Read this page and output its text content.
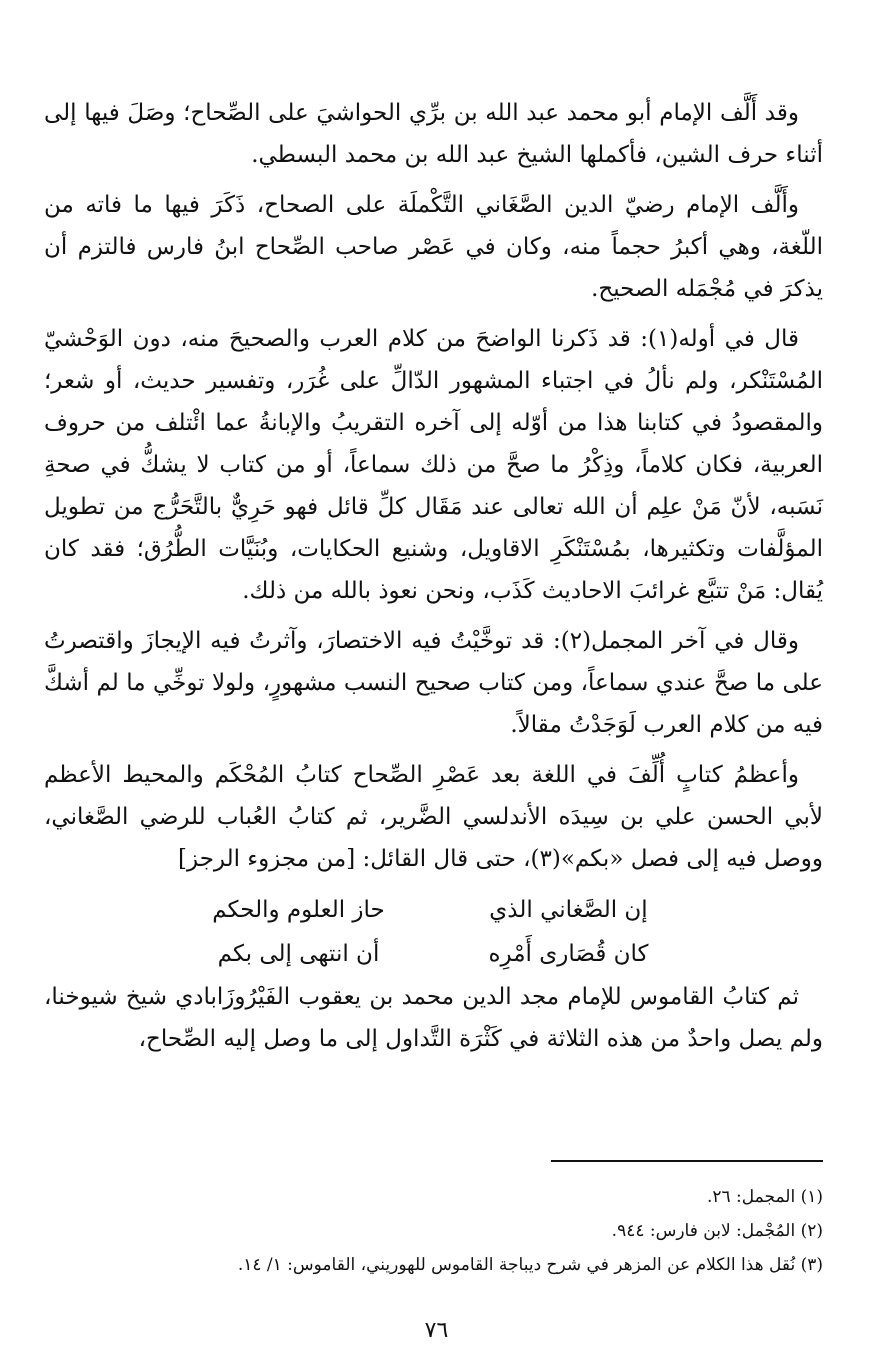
وقد أَلَّف الإمام أبو محمد عبد الله بن برِّي الحواشيَ على الصِّحاح؛ وصَلَ فيها إلى أثناء حرف الشين، فأكملها الشيخ عبد الله بن محمد البسطي.

وأَلَّف الإمام رضيّ الدين الصَّغَاني التَّكْملَة على الصحاح، ذَكَرَ فيها ما فاته من اللّغة، وهي أكبرُ حجماً منه، وكان في عَصْر صاحب الصِّحاح ابنُ فارس فالتزم أن يذكرَ في مُجْمَله الصحيح.

قال في أوله(١): قد ذَكرنا الواضحَ من كلام العرب والصحيحَ منه، دون الوَحْشيّ المُسْتَنْكر، ولم نألُ في اجتباء المشهور الدّالِّ على غُرَر، وتفسير حديث، أو شعر؛ والمقصودُ في كتابنا هذا من أوّله إلى آخره التقريبُ والإبانةُ عما ائْتلف من حروف العربية، فكان كلاماً، وذِكْرُ ما صحَّ من ذلك سماعاً، أو من كتاب لا يشكُّ في صحةِ نَسَبه، لأنّ مَنْ علِم أن الله تعالى عند مَقَال كلِّ قائل فهو حَرِيٌّ بالتَّحَرُّج من تطويل المؤلَّفات وتكثيرها، بمُسْتَنْكَرِ الاقاويل، وشنيع الحكايات، وبُنَيَّات الطُّرُق؛ فقد كان يُقال: مَنْ تتبَّع غرائبَ الاحاديث كَذَب، ونحن نعوذ بالله من ذلك.

وقال في آخر المجمل(٢): قد توخَّيْتُ فيه الاختصارَ، وآثرتُ فيه الإيجازَ واقتصرتُ على ما صحَّ عندي سماعاً، ومن كتاب صحيح النسب مشهورٍ، ولولا توخِّي ما لم أشكَّ فيه من كلام العرب لَوَجَدْتُ مقالاً.

وأعظمُ كتابٍ أُلِّفَ في اللغة بعد عَصْرِ الصِّحاح كتابُ المُحْكَم والمحيط الأعظم لأبي الحسن علي بن سِيدَه الأندلسي الضَّرير، ثم كتابُ العُباب للرضي الصَّغاني، ووصل فيه إلى فصل «بكم»(٣)، حتى قال القائل: [من مجزوء الرجز]

إن الصَّغاني الذي
حاز العلوم والحكم
كان قُصَارى أَمْرِه
أن انتهى إلى بكم

ثم كتابُ القاموس للإمام مجد الدين محمد بن يعقوب الفَيْرُوزَابادي شيخ شيوخنا، ولم يصل واحدٌ من هذه الثلاثة في كَثْرَة التَّداول إلى ما وصل إليه الصِّحاح،

(١) المجمل: ٢٦.

(٢) المُجْمل: لابن فارس: ٩٤٤.

(٣) نُقل هذا الكلام عن المزهر في شرح ديباجة القاموس للهوريني، القاموس: ١/ ١٤.

٧٦
